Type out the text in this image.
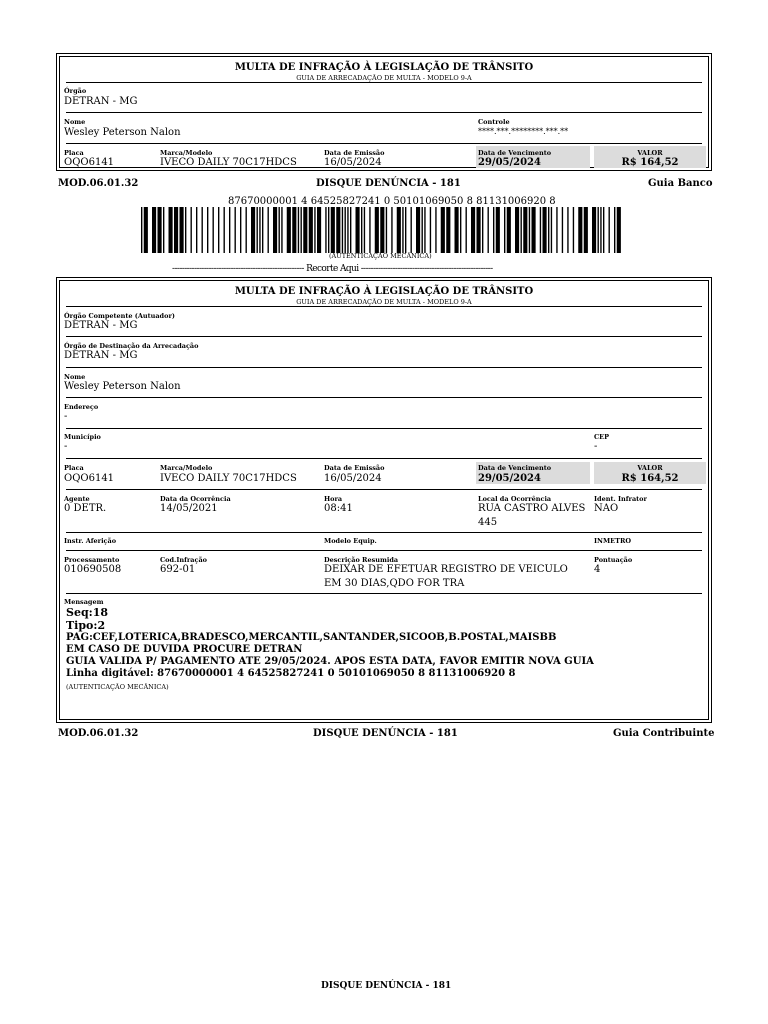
MULTA DE INFRAÇÃO À LEGISLAÇÃO DE TRÂNSITO
GUIA DE ARRECADAÇÃO DE MULTA - MODELO 9-A
Órgão
DETRAN - MG
Nome
Wesley Peterson Nalon
Controle
****.***.********.***.**
Placa
OQO6141
Marca/Modelo
IVECO DAILY 70C17HDCS
Data de Emissão
16/05/2024
Data de Vencimento
29/05/2024
VALOR
R$ 164,52
MOD.06.01.32	DISQUE DENÚNCIA - 181	Guia Banco
87670000001 4 64525827241 0 50101069050 8 81131006920 8
(AUTENTICAÇÃO MECÂNICA)
------------------------------------------------------ Recorte Aqui ------------------------------------------------------
MULTA DE INFRAÇÃO À LEGISLAÇÃO DE TRÂNSITO
GUIA DE ARRECADAÇÃO DE MULTA - MODELO 9-A
Órgão Competente (Autuador)
DETRAN - MG
Órgão de Destinação da Arrecadação
DETRAN - MG
Nome
Wesley Peterson Nalon
Endereço
-
Município
-
CEP
-
Placa
OQO6141
Marca/Modelo
IVECO DAILY 70C17HDCS
Data de Emissão
16/05/2024
Data de Vencimento
29/05/2024
VALOR
R$ 164,52
Agente
0 DETR.
Data da Ocorrência
14/05/2021
Hora
08:41
Local da Ocorrência
RUA CASTRO ALVES 445
Ident. Infrator
NAO
Instr. Aferição	Modelo Equip.	INMETRO
Processamento
010690508
Cod.Infração
692-01
Descrição Resumida
DEIXAR DE EFETUAR REGISTRO DE VEICULO EM 30 DIAS,QDO FOR TRA
Pontuação
4
Mensagem
Seq:18
Tipo:2
PAG:CEF,LOTERICA,BRADESCO,MERCANTIL,SANTANDER,SICOOB,B.POSTAL,MAISBB
EM CASO DE DUVIDA PROCURE DETRAN
GUIA VALIDA P/ PAGAMENTO ATE 29/05/2024. APOS ESTA DATA, FAVOR EMITIR NOVA GUIA
Linha digitável: 87670000001 4 64525827241 0 50101069050 8 81131006920 8
(AUTENTICAÇÃO MECÂNICA)
MOD.06.01.32	DISQUE DENÚNCIA - 181	Guia Contribuinte
DISQUE DENÚNCIA - 181
